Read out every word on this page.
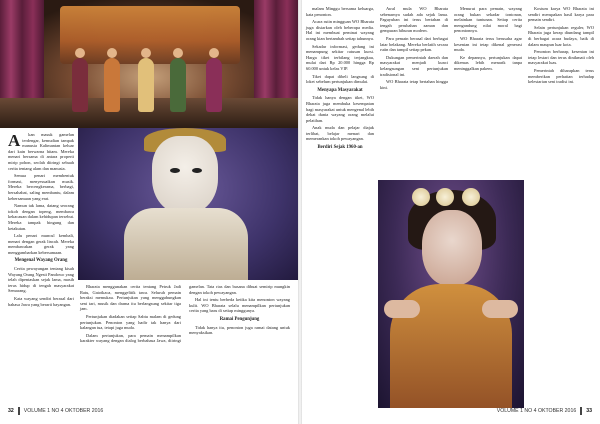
A kan masuk gamelan terdengar, kemudian tampak manusia Kalimantan keluar dari kain berwarna hitam. Mereka menari bersama di antara properti mirip pohon, seolah diiringi sebuah cerita tentang alam dan manusia.

Semua penari membentuk formasi, menyesuaikan musik. Mereka bercengkerama, berbagi, bersahabat, saling membantu, dalam kebersamaan yang erat.

Namun tak lama, datang seorang tokoh dengan topeng, membawa kekacauan dalam kehidupan tersebut. Mereka tampak bingung dan ketakutan.

Lalu penari muncul kembali, menari dengan gerak lincah. Mereka membawakan gerak yang menggambarkan kebersamaan.

Mengenal Wayang Orang

Cerita pewayangan tentang kisah Wayang Orang Ngesti Pandowo yang telah dipentaskan sejak lama, masih terus hidup di tengah masyarakat Semarang.

Kata wayang sendiri berasal dari bahasa Jawa yang berarti bayangan.

Bharata menggunakan cerita tentang Petruk Jadi Ratu, Gatotkaca, menggelitik tawa. Seluruh pemain beraksi memukau. Pertunjukan yang menggabungkan seni tari, musik dan drama itu berlangsung sekitar tiga jam.

Pertunjukan diadakan setiap Sabtu malam di gedung pertunjukan. Penonton yang hadir tak hanya dari kalangan tua, tetapi juga muda.

Dalam pertunjukan, para pemain menampilkan karakter wayang dengan dialog berbahasa Jawa, diiringi gamelan. Tata rias dan busana dibuat semirip mungkin dengan tokoh pewayangan.

Hal ini tentu berbeda ketika kita menonton wayang kulit. WO Bharata selalu menampilkan pertunjukan cerita yang baru di setiap minggunya.

Ramai Pengunjung

Tidak hanya itu, penonton juga ramai datang untuk menyaksikan.

32 VOLUME 1 NO 4 OKTOBER 2016

malam Minggu bersama keluarga, kata penonton.

Acara rutin mingguan WO Bharata juga disiarkan oleh beberapa media. Hal ini membuat peminat wayang orang kian bertambah setiap tahunnya.

Sekadar informasi, gedung ini menampung sekitar ratusan kursi. Harga tiket terbilang terjangkau, mulai dari Rp 20.000 hingga Rp 60.000 untuk kelas VIP.

Tiket dapat dibeli langsung di loket sebelum pertunjukan dimulai.

Menyapa Masyarakat

Tidak hanya dengan tiket, WO Bharata juga membuka kesempatan bagi masyarakat untuk mengenal lebih dekat dunia wayang orang melalui pelatihan.

Anak muda dan pelajar diajak terlibat, belajar menari dan memerankan tokoh pewayangan.

Berdiri Sejak 1960-an

Awal mula WO Bharata sebenarnya sudah ada sejak lama. Paguyuban ini terus bertahan di tengah perubahan zaman dan gempuran hiburan modern.

Para pemain berasal dari berbagai latar belakang. Mereka berlatih secara rutin dan tampil setiap pekan.

Dukungan pemerintah daerah dan masyarakat menjadi kunci kelangsungan seni pertunjukan tradisional ini.

WO Bharata tetap bertahan hingga kini.

Menurut para pemain, wayang orang bukan sekadar tontonan, melainkan tuntunan. Setiap cerita mengandung nilai moral bagi penontonnya.

WO Bharata terus berusaha agar kesenian ini tetap dikenal generasi muda.

Ke depannya, pertunjukan dapat dikemas lebih menarik tanpa meninggalkan pakem.

Kostum karya WO Bharata ini sendiri merupakan hasil karya para pemain sendiri.

Selain pertunjukan reguler, WO Bharata juga kerap diundang tampil di berbagai acara budaya, baik di dalam maupun luar kota.

Penonton berharap, kesenian ini tetap lestari dan terus dinikmati oleh masyarakat luas.

Pemerintah diharapkan terus memberikan perhatian terhadap kelestarian seni tradisi ini.

VOLUME 1 NO 4 OKTOBER 2016 33
